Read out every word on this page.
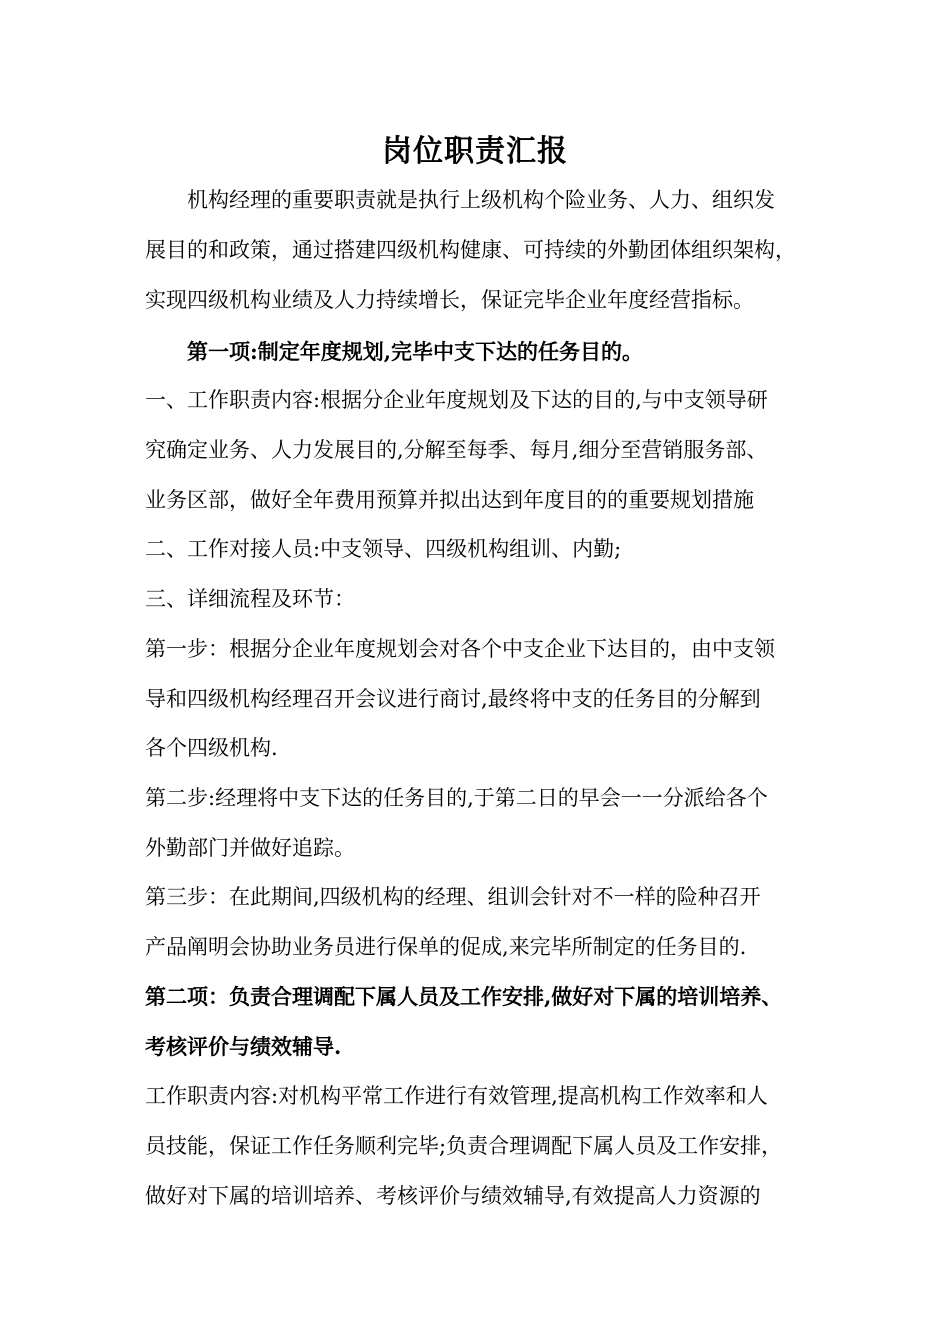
岗位职责汇报
机构经理的重要职责就是执行上级机构个险业务、人力、组织发
展目的和政策，通过搭建四级机构健康、可持续的外勤团体组织架构，
实现四级机构业绩及人力持续增长，保证完毕企业年度经营指标。
第一项:制定年度规划,完毕中支下达的任务目的。
一、工作职责内容:根据分企业年度规划及下达的目的,与中支领导研
究确定业务、人力发展目的,分解至每季、每月,细分至营销服务部、
业务区部，做好全年费用预算并拟出达到年度目的的重要规划措施
二、工作对接人员:中支领导、四级机构组训、内勤;
三、详细流程及环节：
第一步：根据分企业年度规划会对各个中支企业下达目的，由中支领
导和四级机构经理召开会议进行商讨,最终将中支的任务目的分解到
各个四级机构.
第二步:经理将中支下达的任务目的,于第二日的早会一一分派给各个
外勤部门并做好追踪。
第三步：在此期间,四级机构的经理、组训会针对不一样的险种召开
产品阐明会协助业务员进行保单的促成,来完毕所制定的任务目的.
第二项：负责合理调配下属人员及工作安排,做好对下属的培训培养、
考核评价与绩效辅导.
工作职责内容:对机构平常工作进行有效管理,提高机构工作效率和人
员技能，保证工作任务顺利完毕;负责合理调配下属人员及工作安排，
做好对下属的培训培养、考核评价与绩效辅导,有效提高人力资源的
